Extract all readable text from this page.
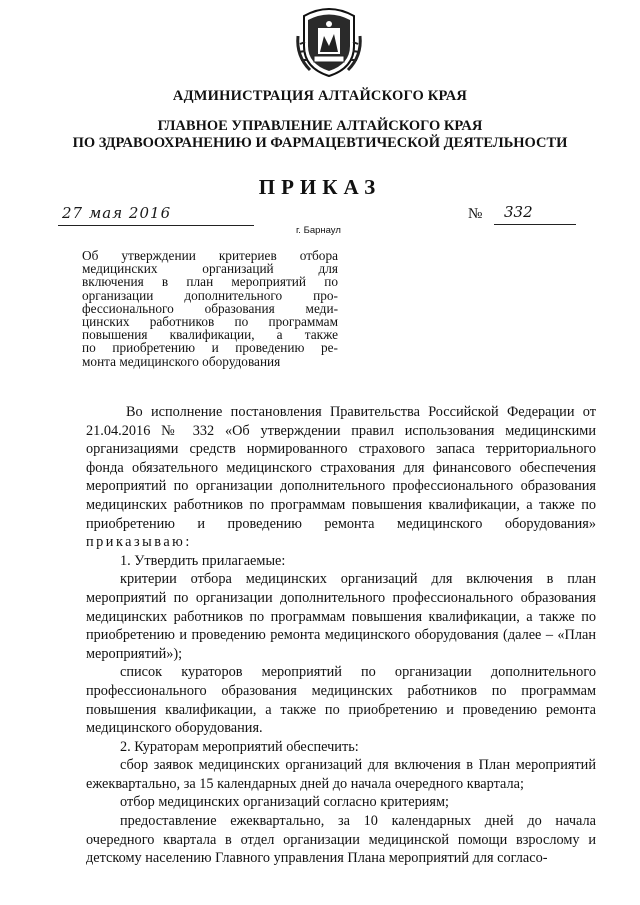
АДМИНИСТРАЦИЯ АЛТАЙСКОГО КРАЯ
ГЛАВНОЕ УПРАВЛЕНИЕ АЛТАЙСКОГО КРАЯ
ПО ЗДРАВООХРАНЕНИЮ И ФАРМАЦЕВТИЧЕСКОЙ ДЕЯТЕЛЬНОСТИ
ПРИКАЗ
27 мая 2016
г. Барнаул
№ 332
Об утверждении критериев отбора
медицинских организаций для
включения в план мероприятий по
организации дополнительного про-
фессионального образования меди-
цинских работников по программам
повышения квалификации, а также
по приобретению и проведению ре-
монта медицинского оборудования
Во исполнение постановления Правительства Российской Федерации от 21.04.2016 № 332 «Об утверждении правил использования медицинскими организациями средств нормированного страхового запаса территориального фонда обязательного медицинского страхования для финансового обеспечения мероприятий по организации дополнительного профессионального образования медицинских работников по программам повышения квалификации, а также по приобретению и проведению ремонта медицинского оборудования» приказываю:
1. Утвердить прилагаемые:
критерии отбора медицинских организаций для включения в план мероприятий по организации дополнительного профессионального образования медицинских работников по программам повышения квалификации, а также по приобретению и проведению ремонта медицинского оборудования (далее – «План мероприятий»);
список кураторов мероприятий по организации дополнительного профессионального образования медицинских работников по программам повышения квалификации, а также по приобретению и проведению ремонта медицинского оборудования.
2. Кураторам мероприятий обеспечить:
сбор заявок медицинских организаций для включения в План мероприятий ежеквартально, за 15 календарных дней до начала очередного квартала;
отбор медицинских организаций согласно критериям;
предоставление ежеквартально, за 10 календарных дней до начала очередного квартала в отдел организации медицинской помощи взрослому и детскому населению Главного управления Плана мероприятий для согласо-
